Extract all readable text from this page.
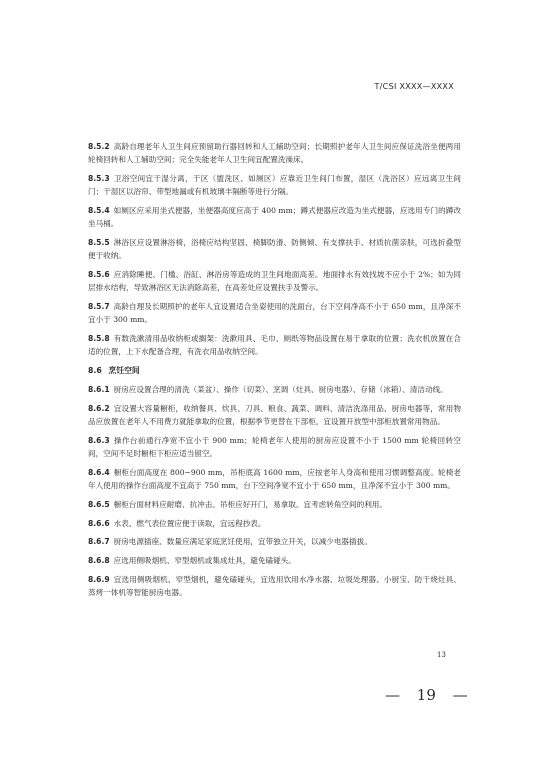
T/CSI XXXX—XXXX

8.5.2 高龄自理老年人卫生间应预留助行器回转和人工辅助空间；长期照护老年人卫生间应保证洗浴坐便两用轮椅回转和人工辅助空间；完全失能老年人卫生间宜配置洗澡床。

8.5.3 卫浴空间宜干湿分离，干区（盥洗区、如厕区）应靠近卫生间门布置，湿区（洗浴区）应远离卫生间门；干湿区以浴帘、带型地漏或有机玻璃丰隔断等进行分隔。

8.5.4 如厕区应采用坐式便器，坐便器高度应高于 400 mm；蹲式便器应改造为坐式便器，应选用专门的蹲改坐马桶。

8.5.5 淋浴区应设置淋浴椅，浴椅应结构坚固、椅脚防滑、防侧倾、有支撑扶手、材质抗菌亲肤，可选折叠型便于收纳。

8.5.6 应消除睡便、门槛、浴缸、淋浴房等造成的卫生间地面高差。地面排水有效找坡不应小于 2%；如为同层排水结构，导致淋浴区无法消除高差，在高差处应设置扶手及警示。

8.5.7 高龄自理及长期照护的老年人宜设置适合坐姿使用的洗面台，台下空间净高不小于 650 mm，且净深不宜小于 300 mm。

8.5.8 有数洗漱清用品收纳柜或搁架：洗漱用具、毛巾、厕纸等物品设置在易于拿取的位置；洗衣机放置在合适的位置，上下水配备合理，有洗衣用品收纳空间。

8.6 烹饪空间

8.6.1 厨房应设置合理的清洗（菜盆）、操作（切菜）、烹调（灶具、厨房电器）、存储（冰箱）、清洁动线。

8.6.2 宜设置大容量橱柜，收纳餐具、炊具、刀具、粮食、蔬菜、调料、清洁洗涤用品、厨房电器等，常用物品应放置在老年人不用费力就能拿取的位置，根据季节更替在下部柜，宜设置开放型中部柜放置常用物品。

8.6.3 操作台前通行净宽不宜小于 900 mm；轮椅老年人使用的厨房应设置不小于 1500 mm 轮椅回转空间，空间不足时橱柜下柜应适当留空。

8.6.4 橱柜台面高度在 800~900 mm，吊柜底高 1600 mm，应按老年人身高和使用习惯调整高度。轮椅老年人使用的操作台面高度不宜高于 750 mm，台下空间净宽不宜小于 650 mm，且净深不宜小于 300 mm。

8.6.5 橱柜台面材料应耐磨、抗冲击。吊柜应好开门，易拿取。宜考虑转角空间的利用。

8.6.6 水表、燃气表位置应便于读取，宜远程抄表。

8.6.7 厨房电源插座、数量应满足家庭烹饪使用，宜带独立开关，以减少电器插拔。

8.6.8 应选用侧吸烟机、窄型烟机或集成灶具，避免磕碰头。

8.6.9 宜选用侧吸烟机、窄型烟机，避免磕碰头，宜选用饮用水净水器、垃圾处理器、小厨宝、防干烧灶具、蒸烤一体机等智能厨房电器。

13
— 19 —
